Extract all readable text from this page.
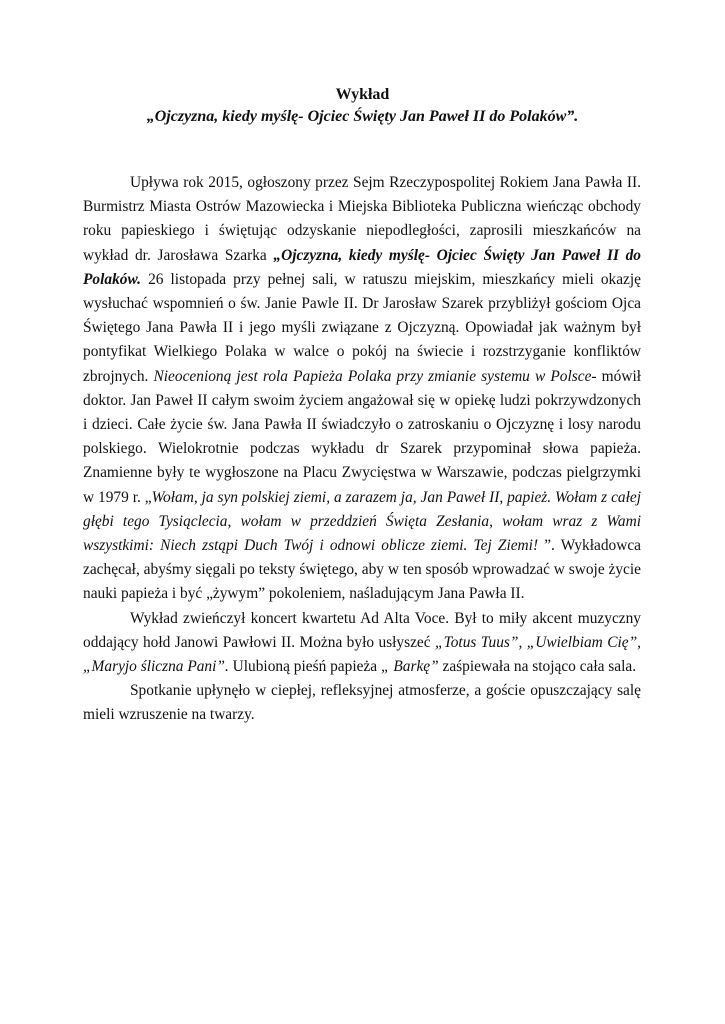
Wykład
„Ojczyzna, kiedy myślę- Ojciec Święty Jan Paweł II do Polaków”.

Upływa rok 2015, ogłoszony przez Sejm Rzeczypospolitej Rokiem Jana Pawła II. Burmistrz Miasta Ostrów Mazowiecka i Miejska Biblioteka Publiczna wieńcząc obchody roku papieskiego i świętując odzyskanie niepodległości, zaprosili mieszkańców na wykład dr. Jarosława Szarka „Ojczyzna, kiedy myślę- Ojciec Święty Jan Paweł II do Polaków. 26 listopada przy pełnej sali, w ratuszu miejskim, mieszkańcy mieli okazję wysłuchać wspomnień o św. Janie Pawle II. Dr Jarosław Szarek przybliżył gościom Ojca Świętego Jana Pawła II i jego myśli związane z Ojczyzną. Opowiadał jak ważnym był pontyfikat Wielkiego Polaka w walce o pokój na świecie i rozstrzyganie konfliktów zbrojnych. Nieocenioną jest rola Papieża Polaka przy zmianie systemu w Polsce- mówił doktor. Jan Paweł II całym swoim życiem angażował się w opiekę ludzi pokrzywdzonych i dzieci. Całe życie św. Jana Pawła II świadczyło o zatroskaniu o Ojczyznę i losy narodu polskiego. Wielokrotnie podczas wykładu dr Szarek przypominał słowa papieża. Znamienne były te wygłoszone na Placu Zwycięstwa w Warszawie, podczas pielgrzymki w 1979 r. „Wołam, ja syn polskiej ziemi, a zarazem ja, Jan Paweł II, papież. Wołam z całej głębi tego Tysiąclecia, wołam w przeddzień Święta Zesłania, wołam wraz z Wami wszystkimi: Niech zstąpi Duch Twój i odnowi oblicze ziemi. Tej Ziemi! ”. Wykładowca zachęcał, abyśmy sięgali po teksty świętego, aby w ten sposób wprowadzać w swoje życie nauki papieża i być „żywym” pokoleniem, naśladującym Jana Pawła II.

Wykład zwieńczył koncert kwartetu Ad Alta Voce. Był to miły akcent muzyczny oddający hołd Janowi Pawłowi II. Można było usłyszeć „Totus Tuus”, „Uwielbiam Cię”, „Maryjo śliczna Pani”. Ulubioną pieśń papieża „ Barkę” zaśpiewała na stojąco cała sala.

Spotkanie upłynęło w ciepłej, refleksyjnej atmosferze, a goście opuszczający salę mieli wzruszenie na twarzy.
